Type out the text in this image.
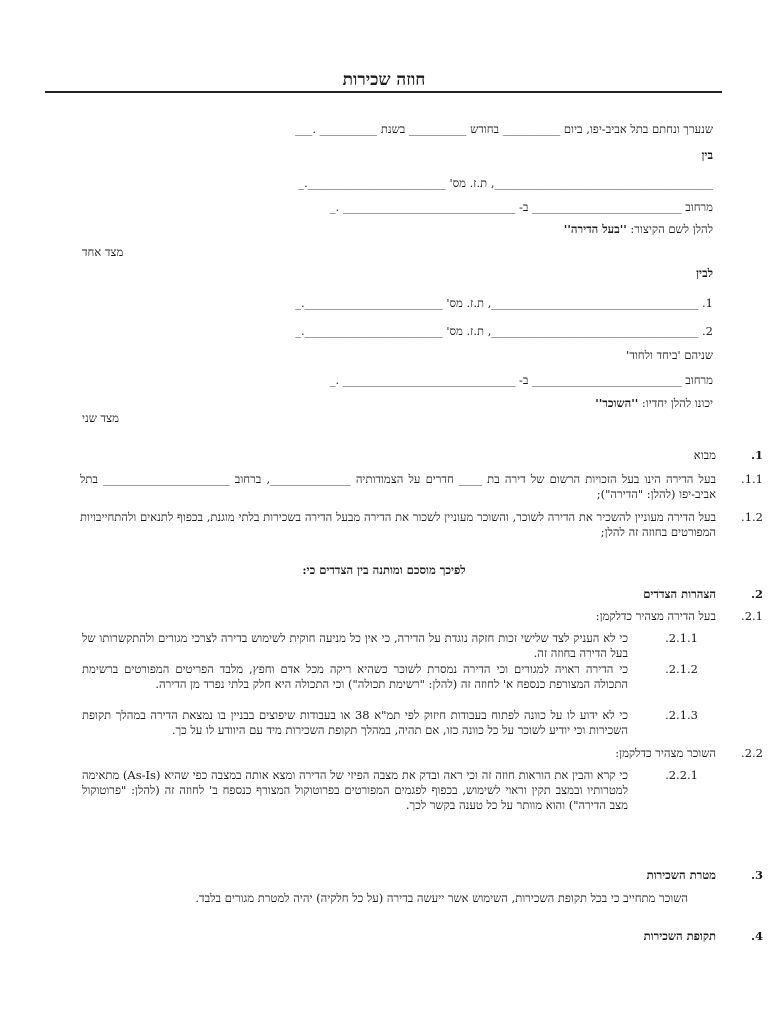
חוזה שכירות
שנערך ונחתם בתל אביב-יפו, ביום __________ בחודש __________ בשנת __________ .___
בין
______________________________________, ת.ז. מס' ________________________._
מרחוב __________________________ ב- ______________________________ ._
להלן לשם הקיצור: ''בעל הדירה''
מצד אחד
לבין
1. ____________________________________, ת.ז. מס' ________________________._
2. ____________________________________, ת.ז. מס' ________________________._
שניהם 'ביחד ולחוד'
מרחוב __________________________ ב- ______________________________ ._
יכונו להלן יחדיו: ''השוכר''
מצד שני
1.
מבוא
1.1.
בעל הדירה הינו בעל הזכויות הרשום של דירה בת ____ חדרים על הצמודותיה ______________, ברחוב ______________________ בתל אביב-יפו (להלן: "הדירה");
1.2.
בעל הדירה מעוניין להשכיר את הדירה לשוכר, והשוכר מעוניין לשכור את הדירה מבעל הדירה בשכירות בלתי מוגנת, בכפוף לתנאים ולהתחייבויות המפורטים בחוזה זה להלן;
לפיכך מוסכם ומותנה בין הצדדים כי:
2.
הצהרות הצדדים
2.1.
בעל הדירה מצהיר כדלקמן:
2.1.1.
כי לא העניק לצד שלישי זכות חזקה נוגדת על הדירה, כי אין כל מניעה חוקית לשימוש בדירה לצרכי מגורים ולהתקשרותו של בעל הדירה בחוזה זה.
2.1.2.
כי הדירה ראויה למגורים וכי הדירה נמסרת לשוכר כשהיא ריקה מכל אדם וחפץ, מלבד הפריטים המפורטים ברשימת התכולה המצורפת כנספח א' לחוזה זה (להלן: "רשימת תכולה") וכי התכולה היא חלק בלתי נפרד מן הדירה.
2.1.3.
כי לא ידוע לו על כוונה לפתוח בעבודות חיזוק לפי תמ"א 38 או בעבודות שיפוצים בבניין בו נמצאת הדירה במהלך תקופת השכירות וכי יודיע לשוכר על כל כוונה כזו, אם תהיה, במהלך תקופת השכירות מיד עם היוודע לו על כך.
2.2.
השוכר מצהיר כדלקמן:
2.2.1.
כי קרא והבין את הוראות חוזה זה וכי ראה ובדק את מצבה הפיזי של הדירה ומצא אותה במצבה כפי שהיא (As-Is) מתאימה למטרותיו ובמצב תקין וראוי לשימוש, בכפוף לפגמים המפורטים בפרוטוקול המצורף כנספח ב' לחוזה זה (להלן: "פרוטוקול מצב הדירה") והוא מוותר על כל טענה בקשר לכך.
3.
מטרת השכירות
השוכר מתחייב כי בכל תקופת השכירות, השימוש אשר ייעשה בדירה (על כל חלקיה) יהיה למטרת מגורים בלבד.
4.
תקופת השכירות
